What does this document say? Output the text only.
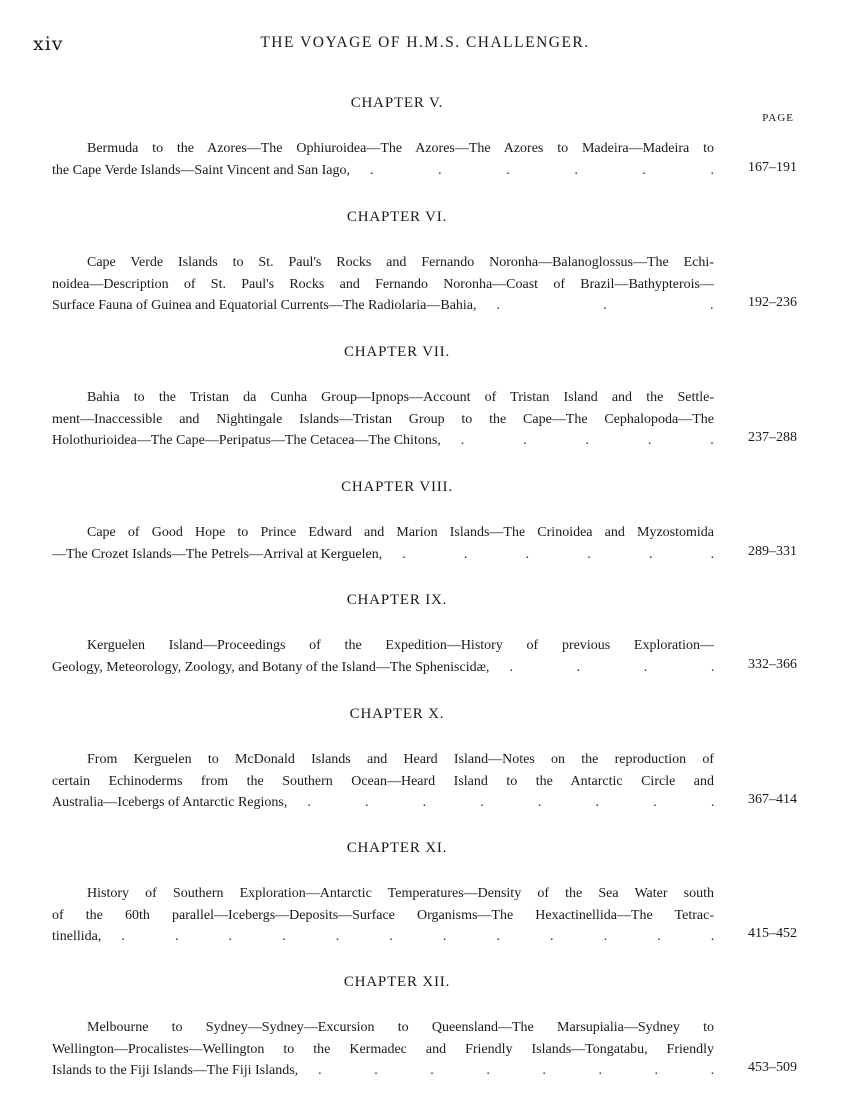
xiv	THE VOYAGE OF H.M.S. CHALLENGER.
PAGE
CHAPTER V.
Bermuda to the Azores—The Ophiuroidea—The Azores—The Azores to Madeira—Madeira to
the Cape Verde Islands—Saint Vincent and San Iago, .	.	.	.	.	. 167–191
CHAPTER VI.
Cape Verde Islands to St. Paul's Rocks and Fernando Noronha—Balanoglossus—The Echi-
noidea—Description of St. Paul's Rocks and Fernando Noronha—Coast of Brazil—Bathypterois—
Surface Fauna of Guinea and Equatorial Currents—The Radiolaria—Bahia, .	.	. 192–236
CHAPTER VII.
Bahia to the Tristan da Cunha Group—Ipnops—Account of Tristan Island and the Settle-
ment—Inaccessible and Nightingale Islands—Tristan Group to the Cape—The Cephalopoda—The
Holothurioidea—The Cape—Peripatus—The Cetacea—The Chitons, .	.	.	.	. 237–288
CHAPTER VIII.
Cape of Good Hope to Prince Edward and Marion Islands—The Crinoidea and Myzostomida
—The Crozet Islands—The Petrels—Arrival at Kerguelen, .	.	.	.	.	. 289–331
CHAPTER IX.
Kerguelen Island—Proceedings of the Expedition—History of previous Exploration—
Geology, Meteorology, Zoology, and Botany of the Island—The Spheniscidæ, .	.	.	. 332–366
CHAPTER X.
From Kerguelen to McDonald Islands and Heard Island—Notes on the reproduction of
certain Echinoderms from the Southern Ocean—Heard Island to the Antarctic Circle and
Australia—Icebergs of Antarctic Regions, .	.	.	.	.	.	.	. 367–414
CHAPTER XI.
History of Southern Exploration—Antarctic Temperatures—Density of the Sea Water south
of the 60th parallel—Icebergs—Deposits—Surface Organisms—The Hexactinellida—The Tetrac-
tinellida, .	.	.	.	.	.	.	.	.	.	.	. 415–452
CHAPTER XII.
Melbourne to Sydney—Sydney—Excursion to Queensland—The Marsupialia—Sydney to
Wellington—Procalistes—Wellington to the Kermadec and Friendly Islands—Tongatabu, Friendly
Islands to the Fiji Islands—The Fiji Islands, .	.	.	.	.	.	.	. 453–509
